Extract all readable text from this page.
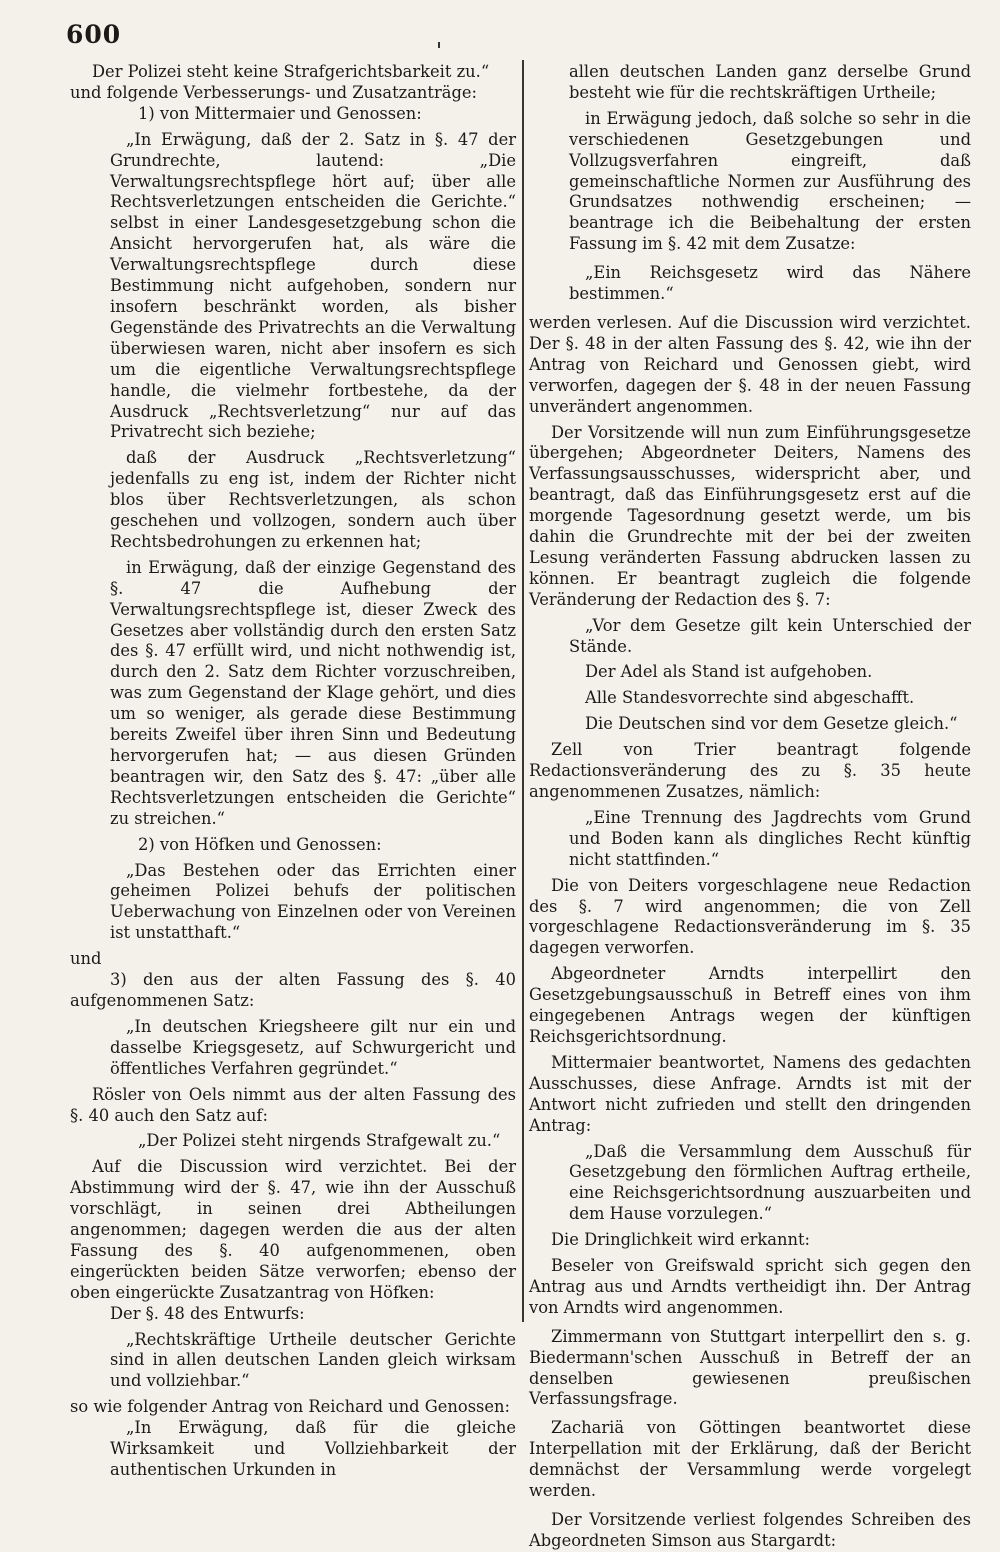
600

Der Polizei steht keine Strafgerichtsbarkeit zu.“

und folgende Verbesserungs- und Zusatzanträge:

1) von Mittermaier und Genossen:

„In Erwägung, daß der 2. Satz in §. 47 der Grundrechte, lautend: „Die Verwaltungsrechtspflege hört auf; über alle Rechtsverletzungen entscheiden die Gerichte.“ selbst in einer Landesgesetzgebung schon die Ansicht hervorgerufen hat, als wäre die Verwaltungsrechtspflege durch diese Bestimmung nicht aufgehoben, sondern nur insofern beschränkt worden, als bisher Gegenstände des Privatrechts an die Verwaltung überwiesen waren, nicht aber insofern es sich um die eigentliche Verwaltungsrechtspflege handle, die vielmehr fortbestehe, da der Ausdruck „Rechtsverletzung“ nur auf das Privatrecht sich beziehe;

daß der Ausdruck „Rechtsverletzung“ jedenfalls zu eng ist, indem der Richter nicht blos über Rechtsverletzungen, als schon geschehen und vollzogen, sondern auch über Rechtsbedrohungen zu erkennen hat;

in Erwägung, daß der einzige Gegenstand des §. 47 die Aufhebung der Verwaltungsrechtspflege ist, dieser Zweck des Gesetzes aber vollständig durch den ersten Satz des §. 47 erfüllt wird, und nicht nothwendig ist, durch den 2. Satz dem Richter vorzuschreiben, was zum Gegenstand der Klage gehört, und dies um so weniger, als gerade diese Bestimmung bereits Zweifel über ihren Sinn und Bedeutung hervorgerufen hat; — aus diesen Gründen beantragen wir, den Satz des §. 47: „über alle Rechtsverletzungen entscheiden die Gerichte“ zu streichen.“

2) von Höfken und Genossen:

„Das Bestehen oder das Errichten einer geheimen Polizei behufs der politischen Ueberwachung von Einzelnen oder von Vereinen ist unstatthaft.“

und

3) den aus der alten Fassung des §. 40 aufgenommenen Satz:

„In deutschen Kriegsheere gilt nur ein und dasselbe Kriegsgesetz, auf Schwurgericht und öffentliches Verfahren gegründet.“

Rösler von Oels nimmt aus der alten Fassung des §. 40 auch den Satz auf:

„Der Polizei steht nirgends Strafgewalt zu.“

Auf die Discussion wird verzichtet. Bei der Abstimmung wird der §. 47, wie ihn der Ausschuß vorschlägt, in seinen drei Abtheilungen angenommen; dagegen werden die aus der alten Fassung des §. 40 aufgenommenen, oben eingerückten beiden Sätze verworfen; ebenso der oben eingerückte Zusatzantrag von Höfken:

Der §. 48 des Entwurfs:

„Rechtskräftige Urtheile deutscher Gerichte sind in allen deutschen Landen gleich wirksam und vollziehbar.“

so wie folgender Antrag von Reichard und Genossen:

„In Erwägung, daß für die gleiche Wirksamkeit und Vollziehbarkeit der authentischen Urkunden in

allen deutschen Landen ganz derselbe Grund besteht wie für die rechtskräftigen Urtheile;

in Erwägung jedoch, daß solche so sehr in die verschiedenen Gesetzgebungen und Vollzugsverfahren eingreift, daß gemeinschaftliche Normen zur Ausführung des Grundsatzes nothwendig erscheinen; — beantrage ich die Beibehaltung der ersten Fassung im §. 42 mit dem Zusatze:

„Ein Reichsgesetz wird das Nähere bestimmen.“

werden verlesen. Auf die Discussion wird verzichtet. Der §. 48 in der alten Fassung des §. 42, wie ihn der Antrag von Reichard und Genossen giebt, wird verworfen, dagegen der §. 48 in der neuen Fassung unverändert angenommen.

Der Vorsitzende will nun zum Einführungsgesetze übergehen; Abgeordneter Deiters, Namens des Verfassungsausschusses, widerspricht aber, und beantragt, daß das Einführungsgesetz erst auf die morgende Tagesordnung gesetzt werde, um bis dahin die Grundrechte mit der bei der zweiten Lesung veränderten Fassung abdrucken lassen zu können. Er beantragt zugleich die folgende Veränderung der Redaction des §. 7:

„Vor dem Gesetze gilt kein Unterschied der Stände.

Der Adel als Stand ist aufgehoben.

Alle Standesvorrechte sind abgeschafft.

Die Deutschen sind vor dem Gesetze gleich.“

Zell von Trier beantragt folgende Redactionsveränderung des zu §. 35 heute angenommenen Zusatzes, nämlich:

„Eine Trennung des Jagdrechts vom Grund und Boden kann als dingliches Recht künftig nicht stattfinden.“

Die von Deiters vorgeschlagene neue Redaction des §. 7 wird angenommen; die von Zell vorgeschlagene Redactionsveränderung im §. 35 dagegen verworfen.

Abgeordneter Arndts interpellirt den Gesetzgebungsausschuß in Betreff eines von ihm eingegebenen Antrags wegen der künftigen Reichsgerichtsordnung.

Mittermaier beantwortet, Namens des gedachten Ausschusses, diese Anfrage. Arndts ist mit der Antwort nicht zufrieden und stellt den dringenden Antrag:

„Daß die Versammlung dem Ausschuß für Gesetzgebung den förmlichen Auftrag ertheile, eine Reichsgerichtsordnung auszuarbeiten und dem Hause vorzulegen.“

Die Dringlichkeit wird erkannt:

Beseler von Greifswald spricht sich gegen den Antrag aus und Arndts vertheidigt ihn. Der Antrag von Arndts wird angenommen.

Zimmermann von Stuttgart interpellirt den s. g. Biedermann'schen Ausschuß in Betreff der an denselben gewiesenen preußischen Verfassungsfrage.

Zachariä von Göttingen beantwortet diese Interpellation mit der Erklärung, daß der Bericht demnächst der Versammlung werde vorgelegt werden.

Der Vorsitzende verliest folgendes Schreiben des Abgeordneten Simson aus Stargardt:
